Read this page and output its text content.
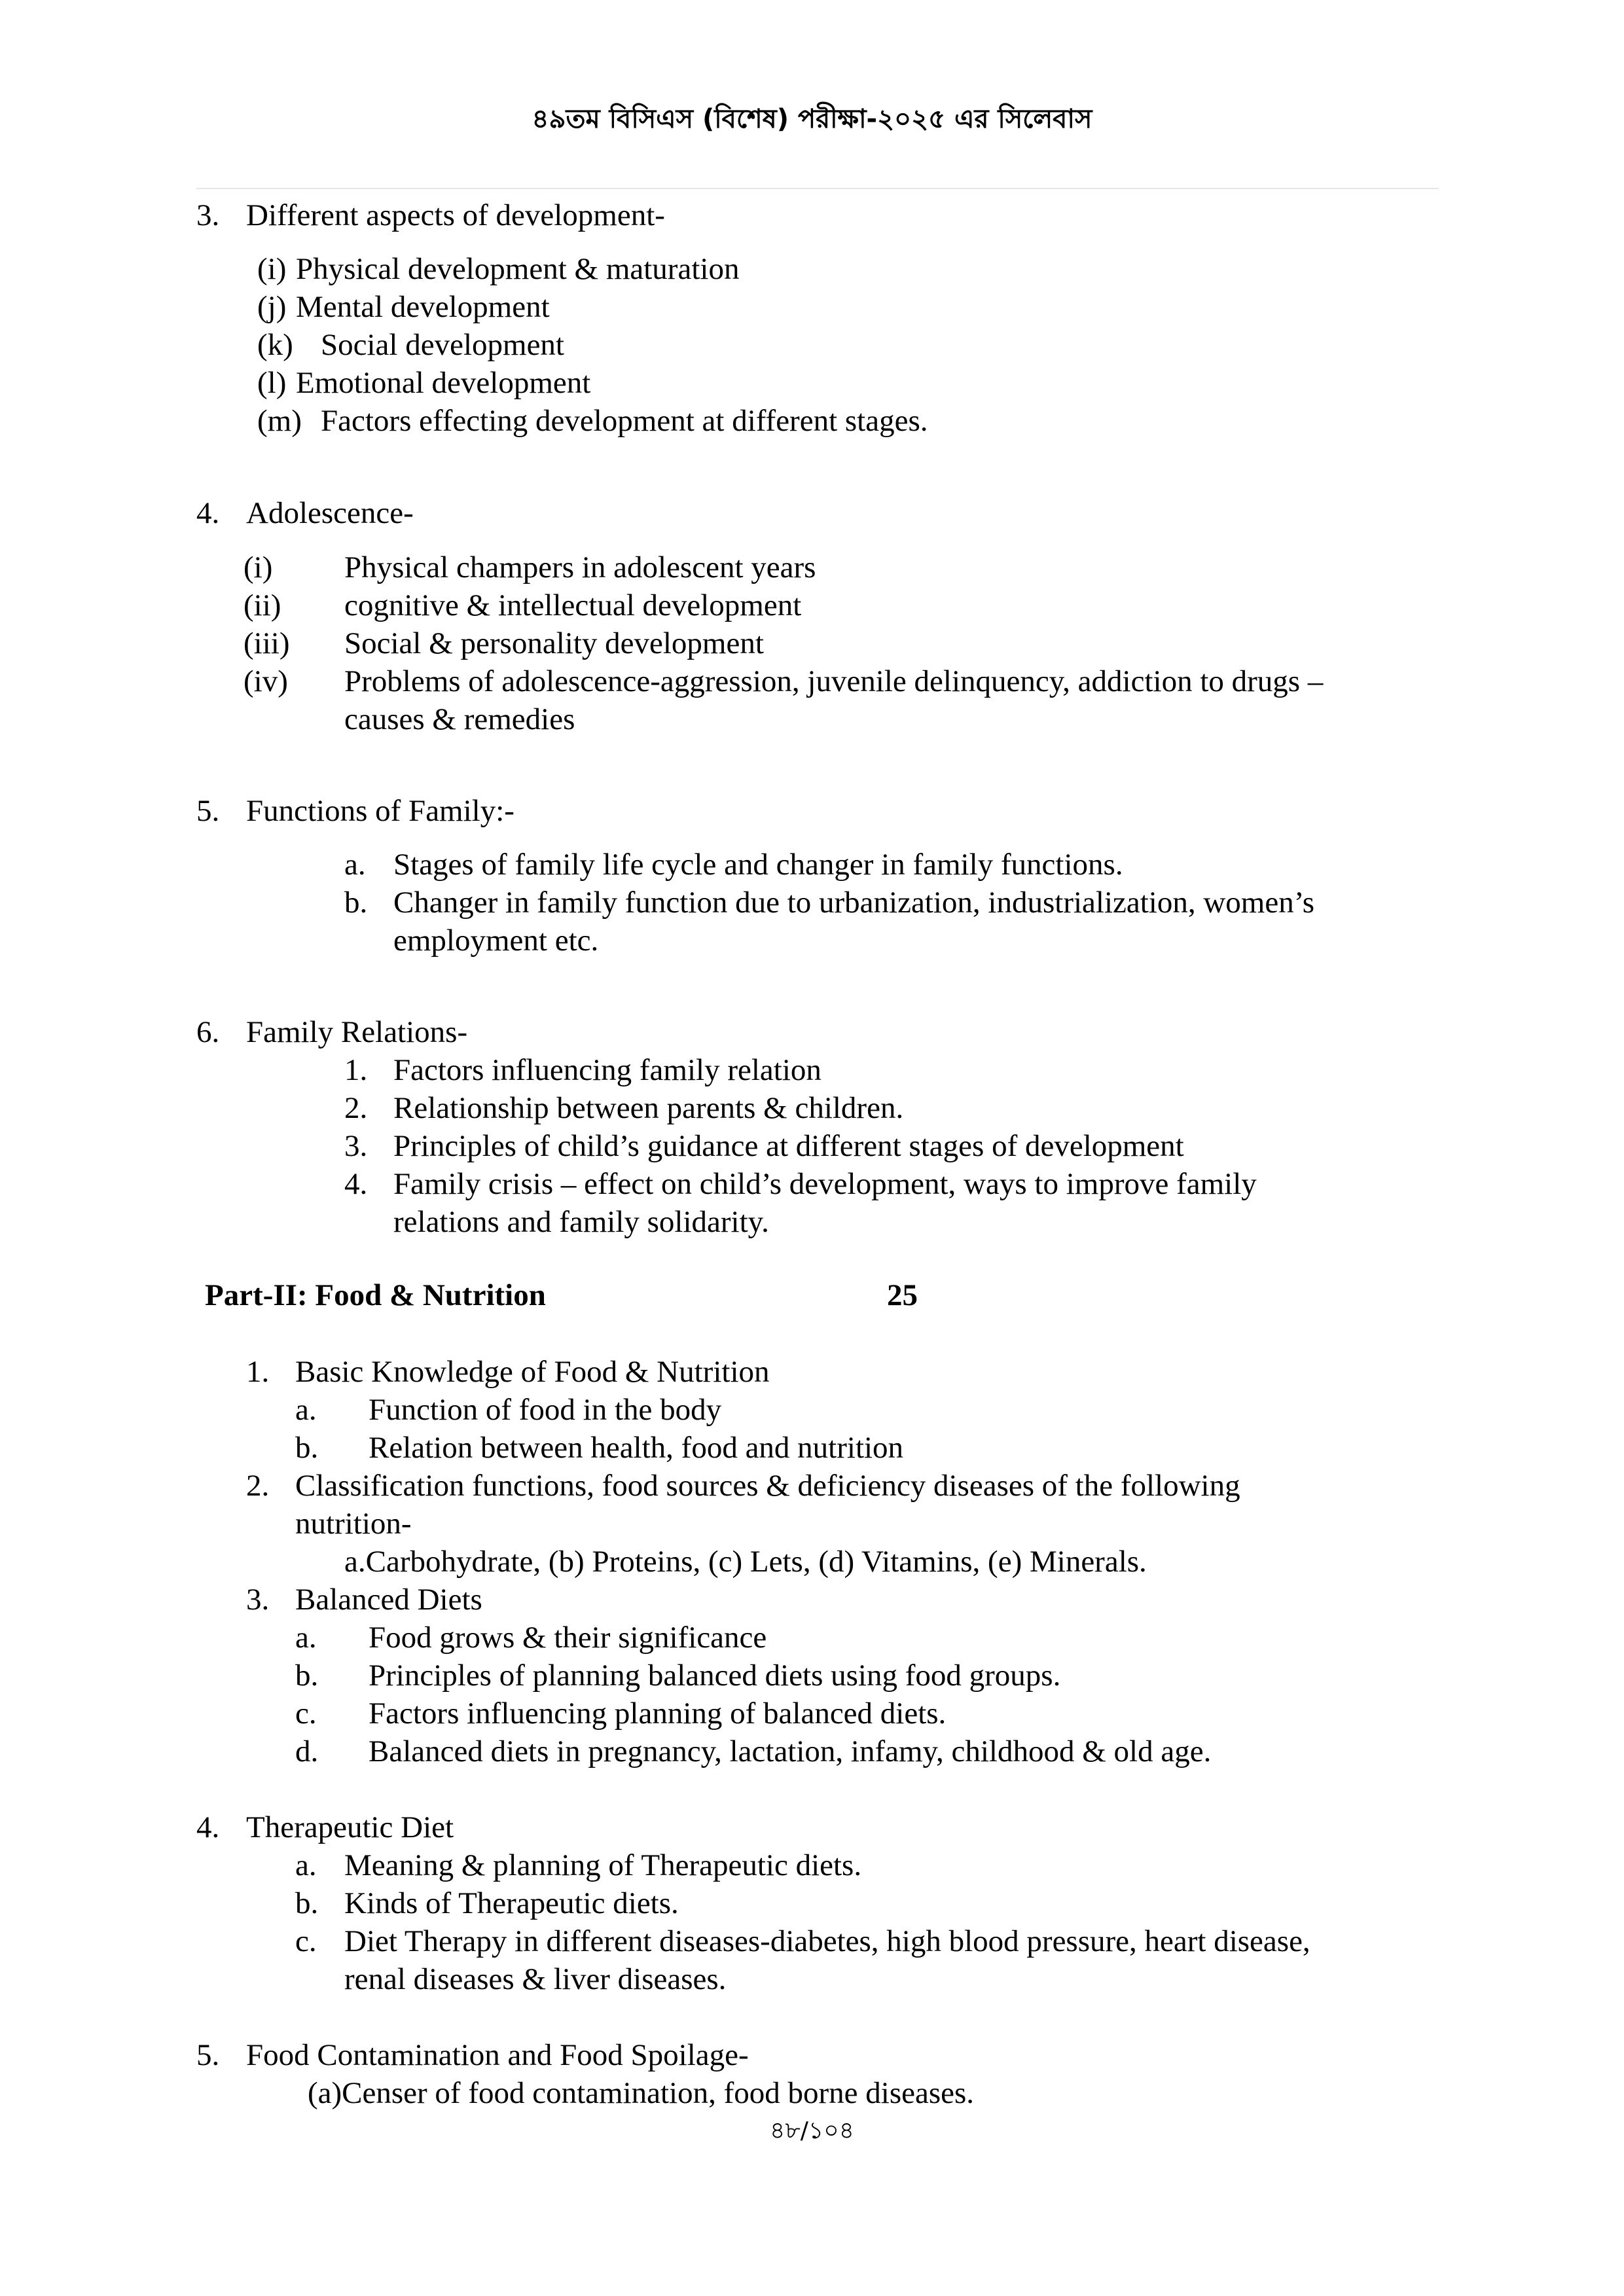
৪৯তম বিসিএস (বিশেষ) পরীক্ষা-২০২৫ এর সিলেবাস
3. Different aspects of development-
(i) Physical development & maturation
(j) Mental development
(k) Social development
(l) Emotional development
(m) Factors effecting development at different stages.
4. Adolescence-
(i) Physical champers in adolescent years
(ii) cognitive & intellectual development
(iii) Social & personality development
(iv) Problems of adolescence-aggression, juvenile delinquency, addiction to drugs –
causes & remedies
5. Functions of Family:-
a. Stages of family life cycle and changer in family functions.
b. Changer in family function due to urbanization, industrialization, women’s
employment etc.
6. Family Relations-
1. Factors influencing family relation
2. Relationship between parents & children.
3. Principles of child’s guidance at different stages of development
4. Family crisis – effect on child’s development, ways to improve family
relations and family solidarity.
Part-II: Food & Nutrition	25
1. Basic Knowledge of Food & Nutrition
a. Function of food in the body
b. Relation between health, food and nutrition
2. Classification functions, food sources & deficiency diseases of the following
nutrition-
a.Carbohydrate, (b) Proteins, (c) Lets, (d) Vitamins, (e) Minerals.
3. Balanced Diets
a. Food grows & their significance
b. Principles of planning balanced diets using food groups.
c. Factors influencing planning of balanced diets.
d. Balanced diets in pregnancy, lactation, infamy, childhood & old age.
4. Therapeutic Diet
a. Meaning & planning of Therapeutic diets.
b. Kinds of Therapeutic diets.
c. Diet Therapy in different diseases-diabetes, high blood pressure, heart disease,
renal diseases & liver diseases.
5. Food Contamination and Food Spoilage-
(a)Censer of food contamination, food borne diseases.
৪৮/১০৪
